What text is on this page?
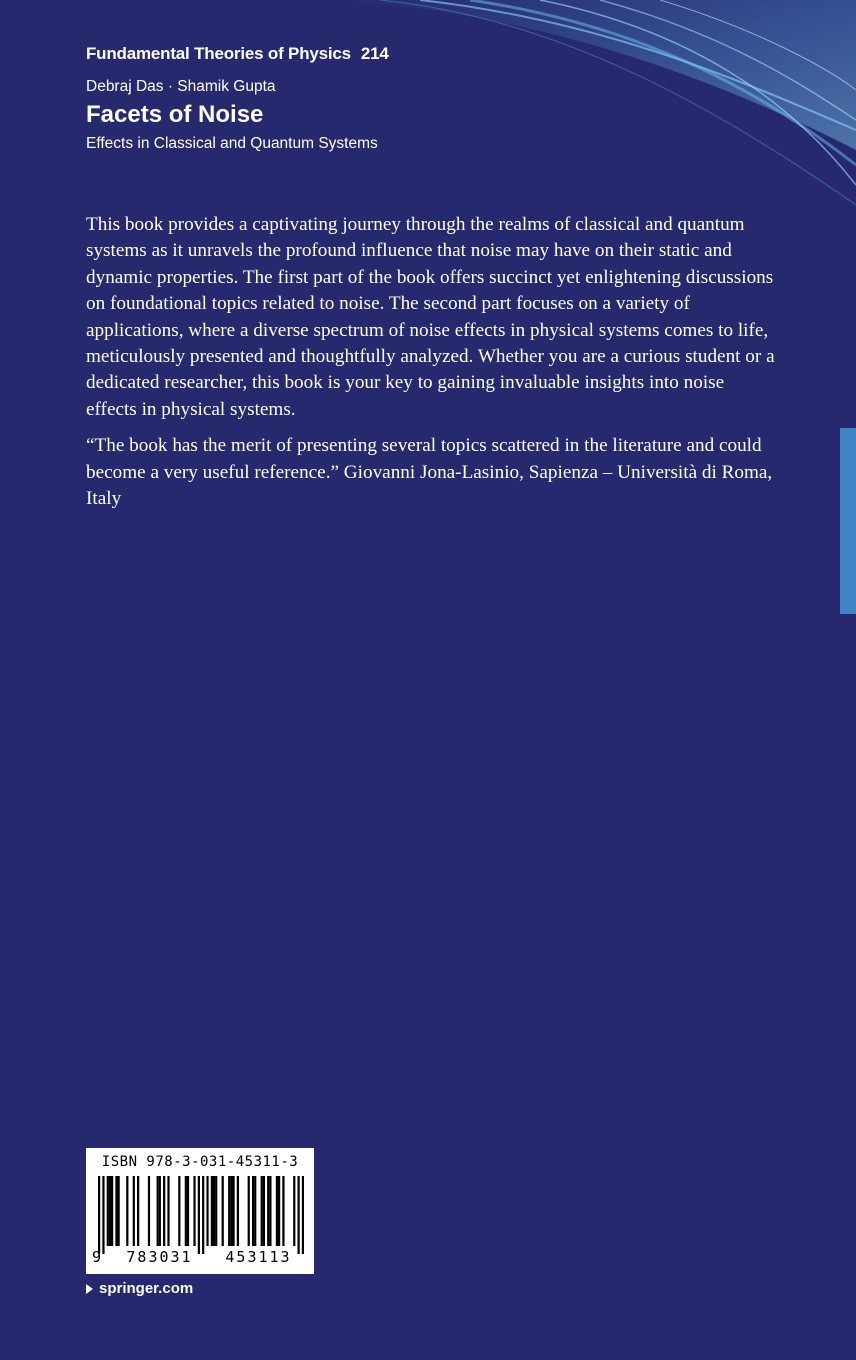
Fundamental Theories of Physics 214
Debraj Das · Shamik Gupta
Facets of Noise
Effects in Classical and Quantum Systems

This book provides a captivating journey through the realms of classical and quantum systems as it unravels the profound influence that noise may have on their static and dynamic properties. The first part of the book offers succinct yet enlightening discussions on foundational topics related to noise. The second part focuses on a variety of applications, where a diverse spectrum of noise effects in physical systems comes to life, meticulously presented and thoughtfully analyzed. Whether you are a curious student or a dedicated researcher, this book is your key to gaining invaluable insights into noise effects in physical systems.

“The book has the merit of presenting several topics scattered in the literature and could become a very useful reference.” Giovanni Jona-Lasinio, Sapienza – Università di Roma, Italy

ISBN 978-3-031-45311-3
9	783031	453113
springer.com
